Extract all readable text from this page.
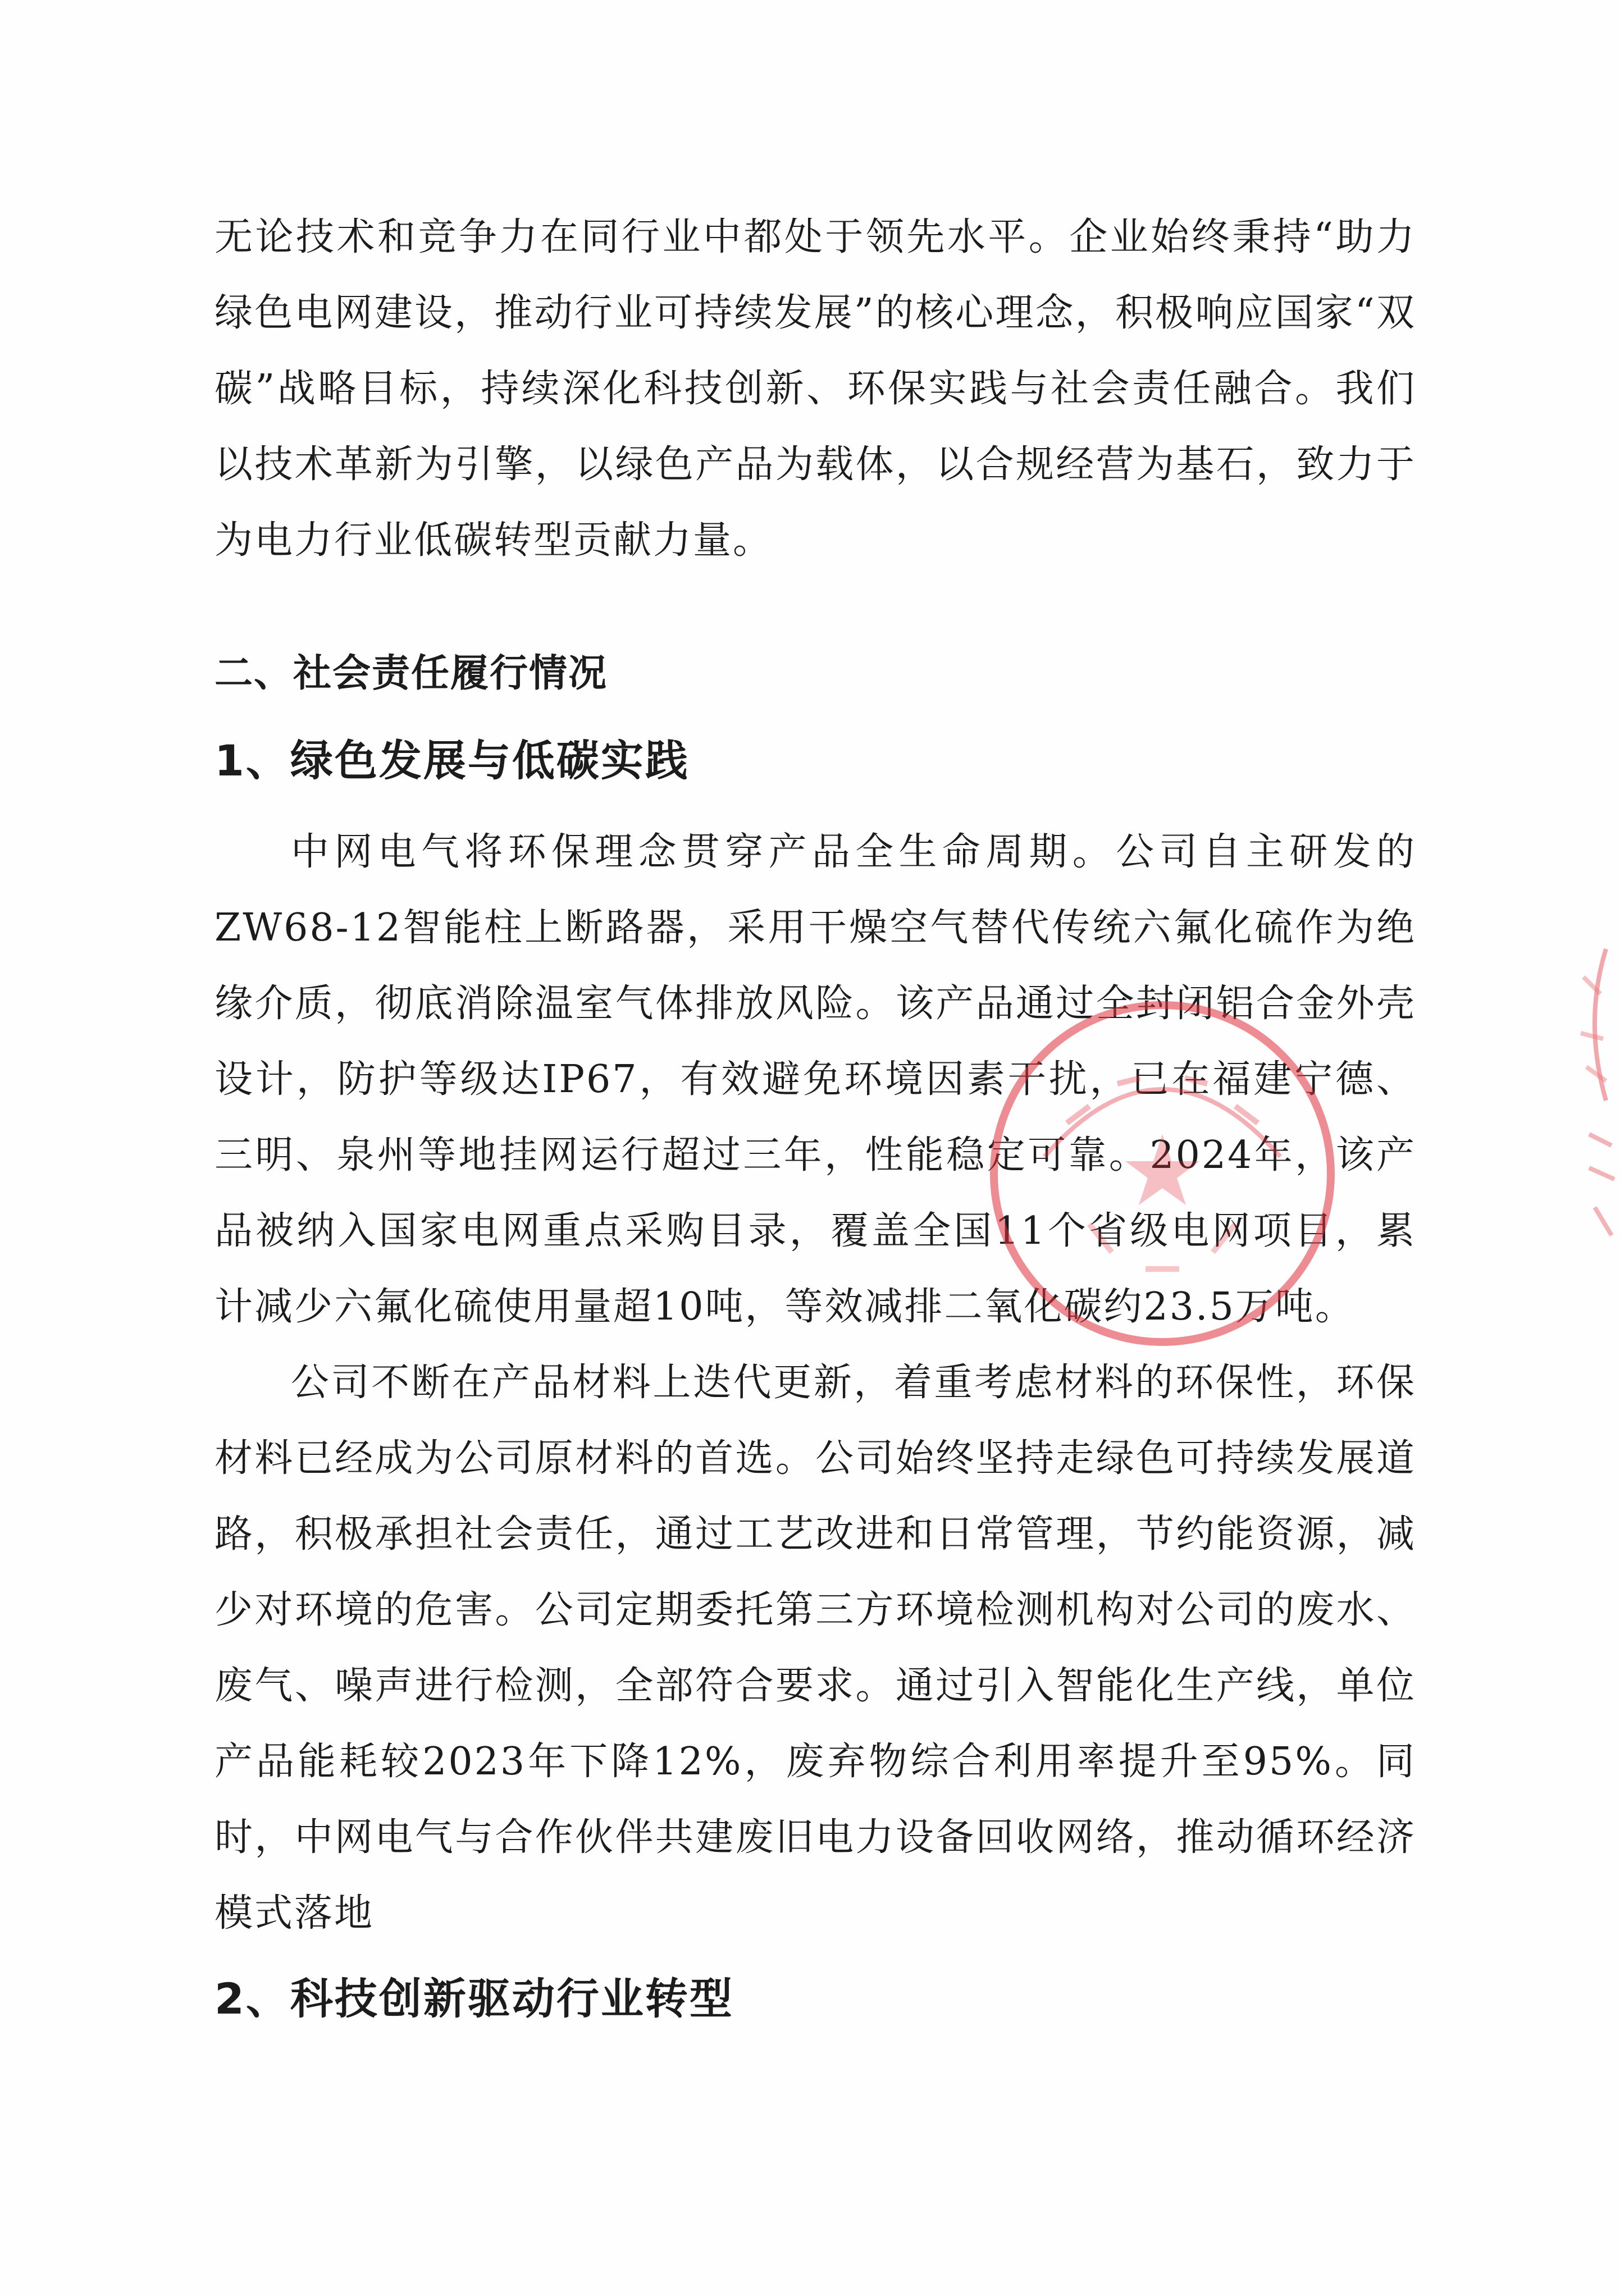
无论技术和竞争力在同行业中都处于领先水平。企业始终秉持“助力绿色电网建设，推动行业可持续发展”的核心理念，积极响应国家“双碳”战略目标，持续深化科技创新、环保实践与社会责任融合。我们以技术革新为引擎，以绿色产品为载体，以合规经营为基石，致力于为电力行业低碳转型贡献力量。

二、社会责任履行情况

1、绿色发展与低碳实践

中网电气将环保理念贯穿产品全生命周期。公司自主研发的ZW68-12智能柱上断路器，采用干燥空气替代传统六氟化硫作为绝缘介质，彻底消除温室气体排放风险。该产品通过全封闭铝合金外壳设计，防护等级达IP67，有效避免环境因素干扰，已在福建宁德、三明、泉州等地挂网运行超过三年，性能稳定可靠。2024年，该产品被纳入国家电网重点采购目录，覆盖全国11个省级电网项目，累计减少六氟化硫使用量超10吨，等效减排二氧化碳约23.5万吨。

公司不断在产品材料上迭代更新，着重考虑材料的环保性，环保材料已经成为公司原材料的首选。公司始终坚持走绿色可持续发展道路，积极承担社会责任，通过工艺改进和日常管理，节约能资源，减少对环境的危害。公司定期委托第三方环境检测机构对公司的废水、废气、噪声进行检测，全部符合要求。通过引入智能化生产线，单位产品能耗较2023年下降12%，废弃物综合利用率提升至95%。同时，中网电气与合作伙伴共建废旧电力设备回收网络，推动循环经济模式落地

2、科技创新驱动行业转型
